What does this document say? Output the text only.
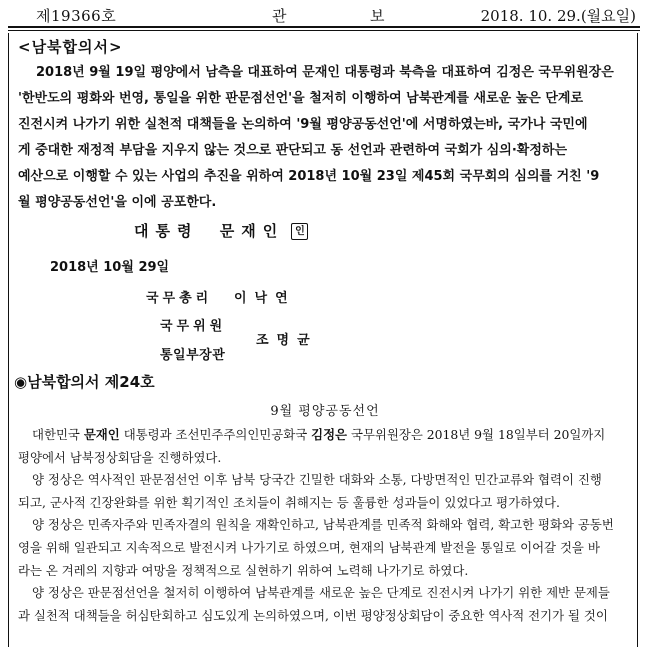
제19366호	관	보	2018. 10. 29.(월요일)
<남북합의서>
2018년 9월 19일 평양에서 남측을 대표하여 문재인 대통령과 북측을 대표하여 김정은 국무위원장은
'한반도의 평화와 번영, 통일을 위한 판문점선언'을 철저히 이행하여 남북관계를 새로운 높은 단계로
진전시켜 나가기 위한 실천적 대책들을 논의하여 '9월 평양공동선언'에 서명하였는바, 국가나 국민에
게 중대한 재정적 부담을 지우지 않는 것으로 판단되고 동 선언과 관련하여 국회가 심의·확정하는
예산으로 이행할 수 있는 사업의 추진을 위하여 2018년 10월 23일 제45회 국무회의 심의를 거친 '9
월 평양공동선언'을 이에 공포한다.
대통령 문재인 인
2018년 10월 29일
국무총리 이낙연
국무위원
조명균
통일부장관
◉남북합의서 제24호
9월 평양공동선언
대한민국 문재인 대통령과 조선민주주의인민공화국 김정은 국무위원장은 2018년 9월 18일부터 20일까지
평양에서 남북정상회담을 진행하였다.
양 정상은 역사적인 판문점선언 이후 남북 당국간 긴밀한 대화와 소통, 다방면적인 민간교류와 협력이 진행
되고, 군사적 긴장완화를 위한 획기적인 조치들이 취해지는 등 훌륭한 성과들이 있었다고 평가하였다.
양 정상은 민족자주와 민족자결의 원칙을 재확인하고, 남북관계를 민족적 화해와 협력, 확고한 평화와 공동번
영을 위해 일관되고 지속적으로 발전시켜 나가기로 하였으며, 현재의 남북관계 발전을 통일로 이어갈 것을 바
라는 온 겨레의 지향과 여망을 정책적으로 실현하기 위하여 노력해 나가기로 하였다.
양 정상은 판문점선언을 철저히 이행하여 남북관계를 새로운 높은 단계로 진전시켜 나가기 위한 제반 문제들
과 실천적 대책들을 허심탄회하고 심도있게 논의하였으며, 이번 평양정상회담이 중요한 역사적 전기가 될 것이
